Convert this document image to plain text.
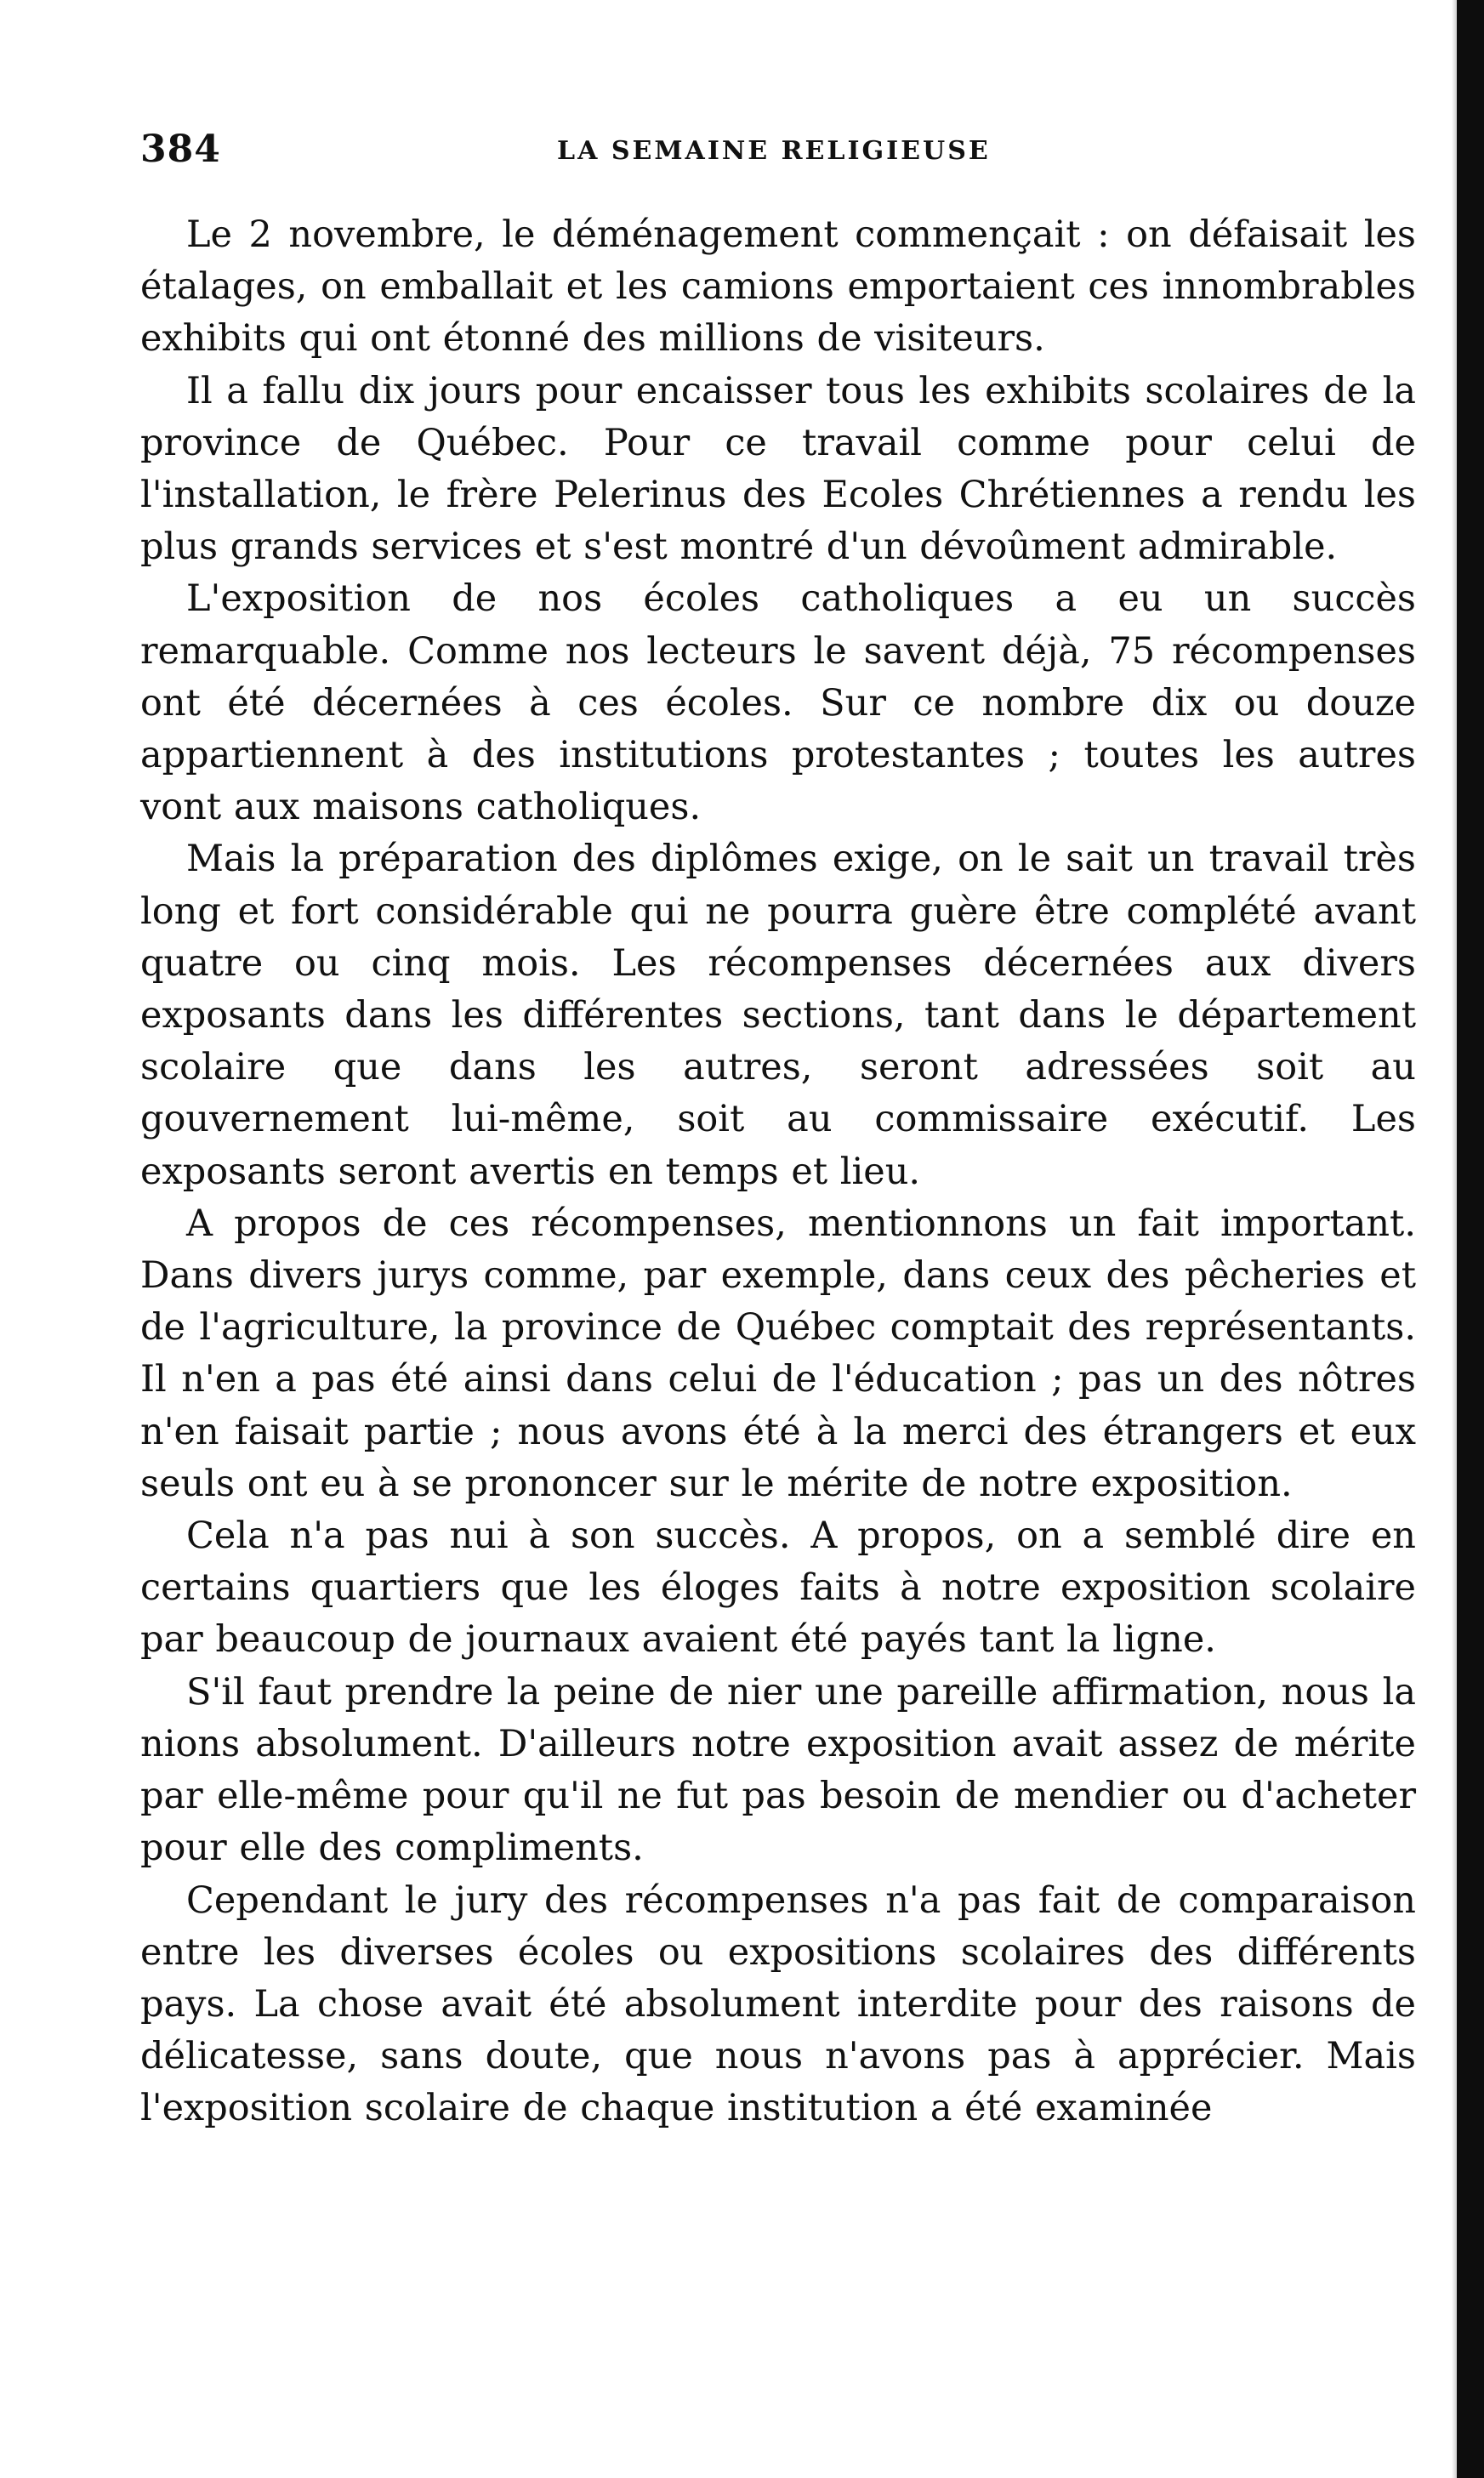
384	LA SEMAINE RELIGIEUSE

Le 2 novembre, le déménagement commençait : on défaisait les étalages, on emballait et les camions emportaient ces innombrables exhibits qui ont étonné des millions de visiteurs.

Il a fallu dix jours pour encaisser tous les exhibits scolaires de la province de Québec. Pour ce travail comme pour celui de l'installation, le frère Pelerinus des Ecoles Chrétiennes a rendu les plus grands services et s'est montré d'un dévoûment admirable.

L'exposition de nos écoles catholiques a eu un succès remarquable. Comme nos lecteurs le savent déjà, 75 récompenses ont été décernées à ces écoles. Sur ce nombre dix ou douze appartiennent à des institutions protestantes ; toutes les autres vont aux maisons catholiques.

Mais la préparation des diplômes exige, on le sait un travail très long et fort considérable qui ne pourra guère être complété avant quatre ou cinq mois. Les récompenses décernées aux divers exposants dans les différentes sections, tant dans le département scolaire que dans les autres, seront adressées soit au gouvernement lui-même, soit au commissaire exécutif. Les exposants seront avertis en temps et lieu.

A propos de ces récompenses, mentionnons un fait important. Dans divers jurys comme, par exemple, dans ceux des pêcheries et de l'agriculture, la province de Québec comptait des représentants. Il n'en a pas été ainsi dans celui de l'éducation ; pas un des nôtres n'en faisait partie ; nous avons été à la merci des étrangers et eux seuls ont eu à se prononcer sur le mérite de notre exposition.

Cela n'a pas nui à son succès. A propos, on a semblé dire en certains quartiers que les éloges faits à notre exposition scolaire par beaucoup de journaux avaient été payés tant la ligne.

S'il faut prendre la peine de nier une pareille affirmation, nous la nions absolument. D'ailleurs notre exposition avait assez de mérite par elle-même pour qu'il ne fut pas besoin de mendier ou d'acheter pour elle des compliments.

Cependant le jury des récompenses n'a pas fait de comparaison entre les diverses écoles ou expositions scolaires des différents pays. La chose avait été absolument interdite pour des raisons de délicatesse, sans doute, que nous n'avons pas à apprécier. Mais l'exposition scolaire de chaque institution a été examinée
